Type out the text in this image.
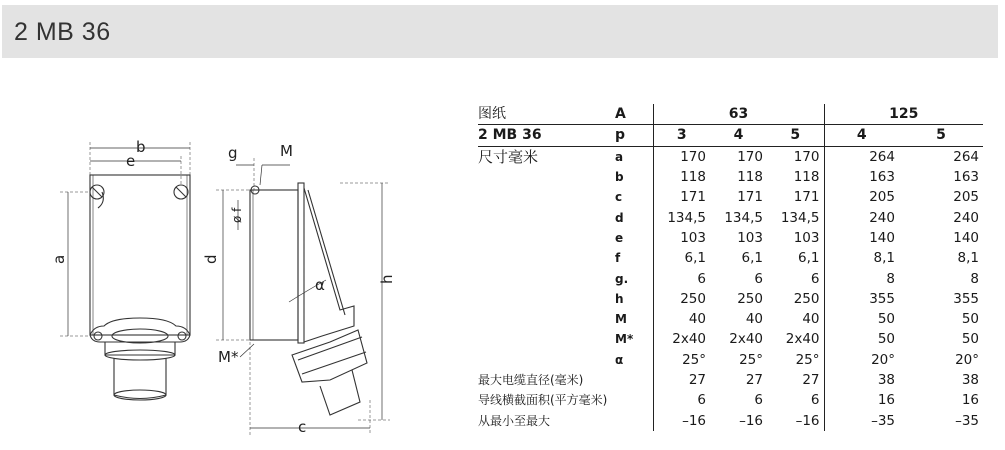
2 MB 36
b
e
a
g	M
ø f
d
α	h
M*
c
图纸	A	63			125	
2 MB 36	p	3	4	5	4	5
尺寸毫米	a	170	170	170	264	264
	b	118	118	118	163	163
	c	171	171	171	205	205
	d	134,5	134,5	134,5	240	240
	e	103	103	103	140	140
	f	6,1	6,1	6,1	8,1	8,1
	g.	6	6	6	8	8
	h	250	250	250	355	355
	M	40	40	40	50	50
	M*	2x40	2x40	2x40	50	50
	α	25°	25°	25°	20°	20°
最大电缆直径(毫米)		27	27	27	38	38
导线横截面积(平方毫米)		6	6	6	16	16
从最小至最大		–16	–16	–16	–35	–35
